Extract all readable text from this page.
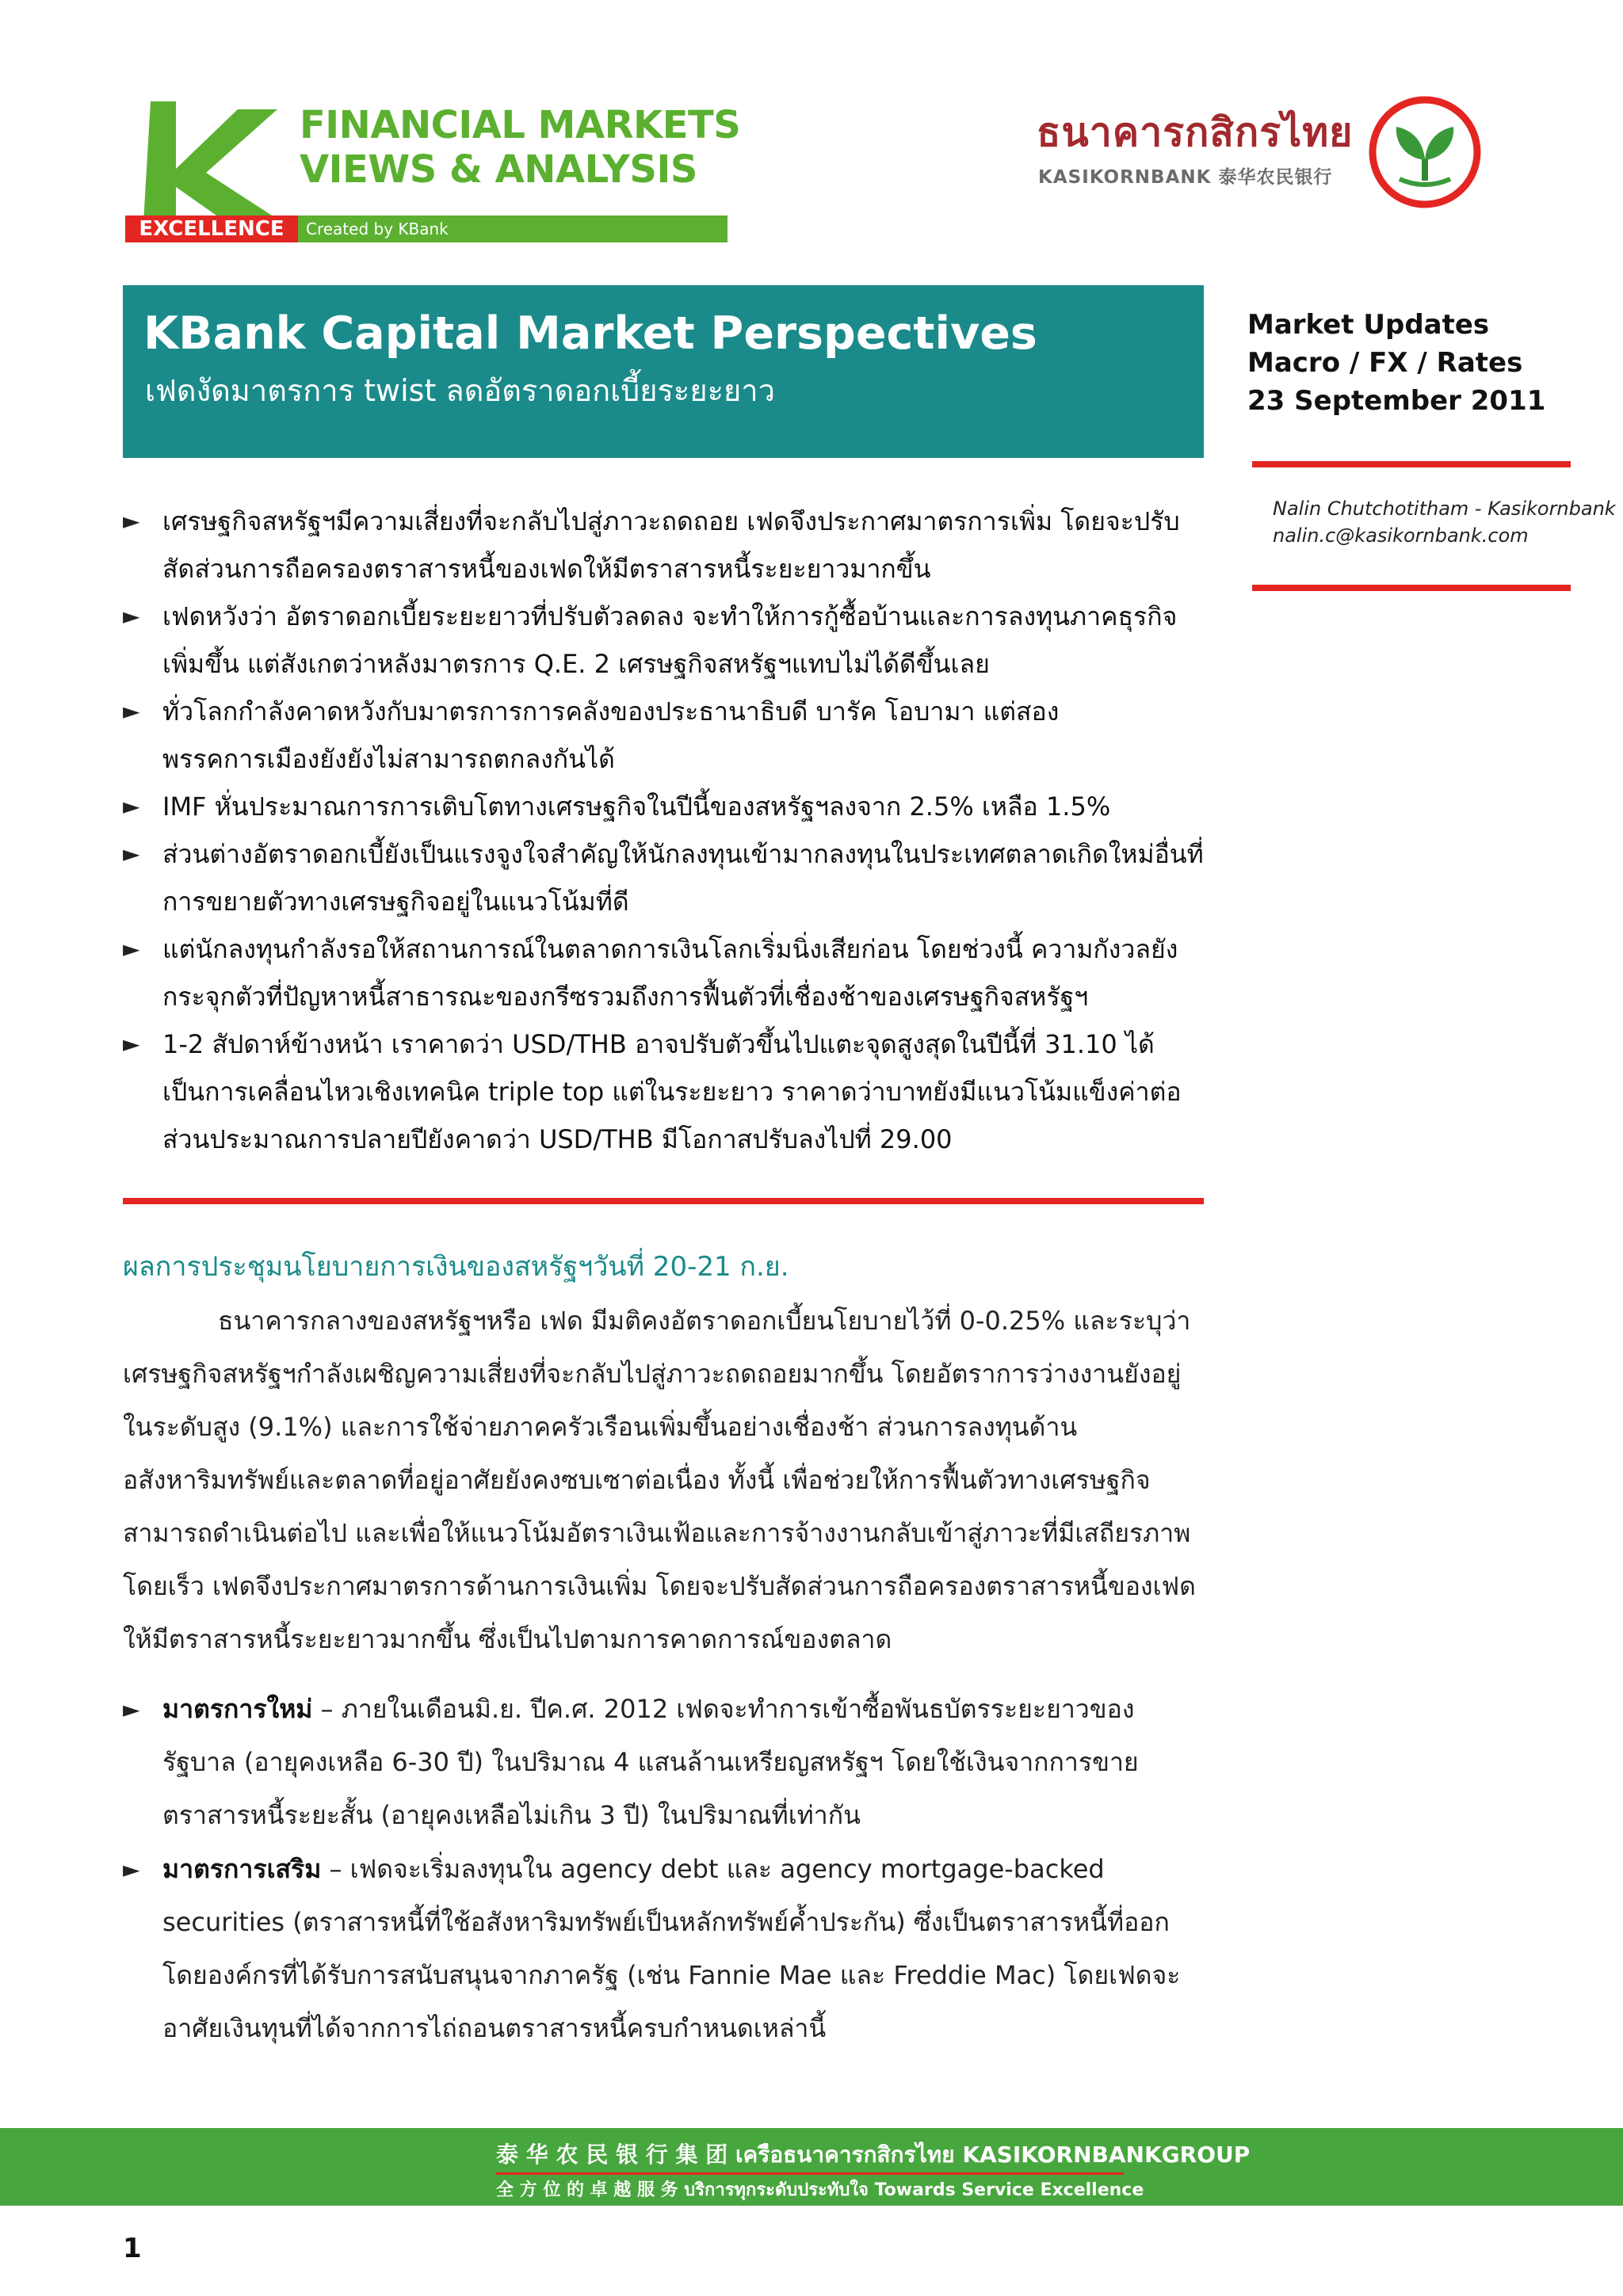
FINANCIAL MARKETS
VIEWS & ANALYSIS
EXCELLENCE	Created by KBank
ธนาคารกสิกรไทย
KASIKORNBANK 泰华农民银行
KBank Capital Market Perspectives
เฟดงัดมาตรการ twist ลดอัตราดอกเบี้ยระยะยาว
Market Updates
Macro / FX / Rates
23 September 2011
Nalin Chutchotitham - Kasikornbank
nalin.c@kasikornbank.com
► เศรษฐกิจสหรัฐฯมีความเสี่ยงที่จะกลับไปสู่ภาวะถดถอย เฟดจึงประกาศมาตรการเพิ่ม โดยจะปรับสัดส่วนการถือครองตราสารหนี้ของเฟดให้มีตราสารหนี้ระยะยาวมากขึ้น
► เฟดหวังว่า อัตราดอกเบี้ยระยะยาวที่ปรับตัวลดลง จะทำให้การกู้ซื้อบ้านและการลงทุนภาคธุรกิจเพิ่มขึ้น แต่สังเกตว่าหลังมาตรการ Q.E. 2 เศรษฐกิจสหรัฐฯแทบไม่ได้ดีขึ้นเลย
► ทั่วโลกกำลังคาดหวังกับมาตรการการคลังของประธานาธิบดี บารัค โอบามา แต่สองพรรคการเมืองยังยังไม่สามารถตกลงกันได้
► IMF หั่นประมาณการการเติบโตทางเศรษฐกิจในปีนี้ของสหรัฐฯลงจาก 2.5% เหลือ 1.5%
► ส่วนต่างอัตราดอกเบี้ยังเป็นแรงจูงใจสำคัญให้นักลงทุนเข้ามากลงทุนในประเทศตลาดเกิดใหม่อื่นที่การขยายตัวทางเศรษฐกิจอยู่ในแนวโน้มที่ดี
► แต่นักลงทุนกำลังรอให้สถานการณ์ในตลาดการเงินโลกเริ่มนิ่งเสียก่อน โดยช่วงนี้ ความกังวลยังกระจุกตัวที่ปัญหาหนี้สาธารณะของกรีซรวมถึงการฟื้นตัวที่เชื่องช้าของเศรษฐกิจสหรัฐฯ
► 1-2 สัปดาห์ข้างหน้า เราคาดว่า USD/THB อาจปรับตัวขึ้นไปแตะจุดสูงสุดในปีนี้ที่ 31.10 ได้ เป็นการเคลื่อนไหวเชิงเทคนิค triple top แต่ในระยะยาว ราคาดว่าบาทยังมีแนวโน้มแข็งค่าต่อ ส่วนประมาณการปลายปียังคาดว่า USD/THB มีโอกาสปรับลงไปที่ 29.00
ผลการประชุมนโยบายการเงินของสหรัฐฯวันที่ 20-21 ก.ย.
ธนาคารกลางของสหรัฐฯหรือ เฟด มีมติคงอัตราดอกเบี้ยนโยบายไว้ที่ 0-0.25% และระบุว่าเศรษฐกิจสหรัฐฯกำลังเผชิญความเสี่ยงที่จะกลับไปสู่ภาวะถดถอยมากขึ้น โดยอัตราการว่างงานยังอยู่ในระดับสูง (9.1%) และการใช้จ่ายภาคครัวเรือนเพิ่มขึ้นอย่างเชื่องช้า ส่วนการลงทุนด้านอสังหาริมทรัพย์และตลาดที่อยู่อาศัยยังคงซบเซาต่อเนื่อง ทั้งนี้ เพื่อช่วยให้การฟื้นตัวทางเศรษฐกิจสามารถดำเนินต่อไป และเพื่อให้แนวโน้มอัตราเงินเฟ้อและการจ้างงานกลับเข้าสู่ภาวะที่มีเสถียรภาพโดยเร็ว เฟดจึงประกาศมาตรการด้านการเงินเพิ่ม โดยจะปรับสัดส่วนการถือครองตราสารหนี้ของเฟดให้มีตราสารหนี้ระยะยาวมากขึ้น ซึ่งเป็นไปตามการคาดการณ์ของตลาด
► มาตรการใหม่ – ภายในเดือนมิ.ย. ปีค.ศ. 2012 เฟดจะทำการเข้าซื้อพันธบัตรระยะยาวของรัฐบาล (อายุคงเหลือ 6-30 ปี) ในปริมาณ 4 แสนล้านเหรียญสหรัฐฯ โดยใช้เงินจากการขายตราสารหนี้ระยะสั้น (อายุคงเหลือไม่เกิน 3 ปี) ในปริมาณที่เท่ากัน
► มาตรการเสริม – เฟดจะเริ่มลงทุนใน agency debt และ agency mortgage-backed securities (ตราสารหนี้ที่ใช้อสังหาริมทรัพย์เป็นหลักทรัพย์ค้ำประกัน) ซึ่งเป็นตราสารหนี้ที่ออกโดยองค์กรที่ได้รับการสนับสนุนจากภาครัฐ (เช่น Fannie Mae และ Freddie Mac) โดยเฟดจะอาศัยเงินทุนที่ได้จากการไถ่ถอนตราสารหนี้ครบกำหนดเหล่านี้
泰 华 农 民 银 行 集 团 เครือธนาคารกสิกรไทย KASIKORNBANKGROUP
全 方 位 的 卓 越 服 务 บริการทุกระดับประทับใจ Towards Service Excellence
1
